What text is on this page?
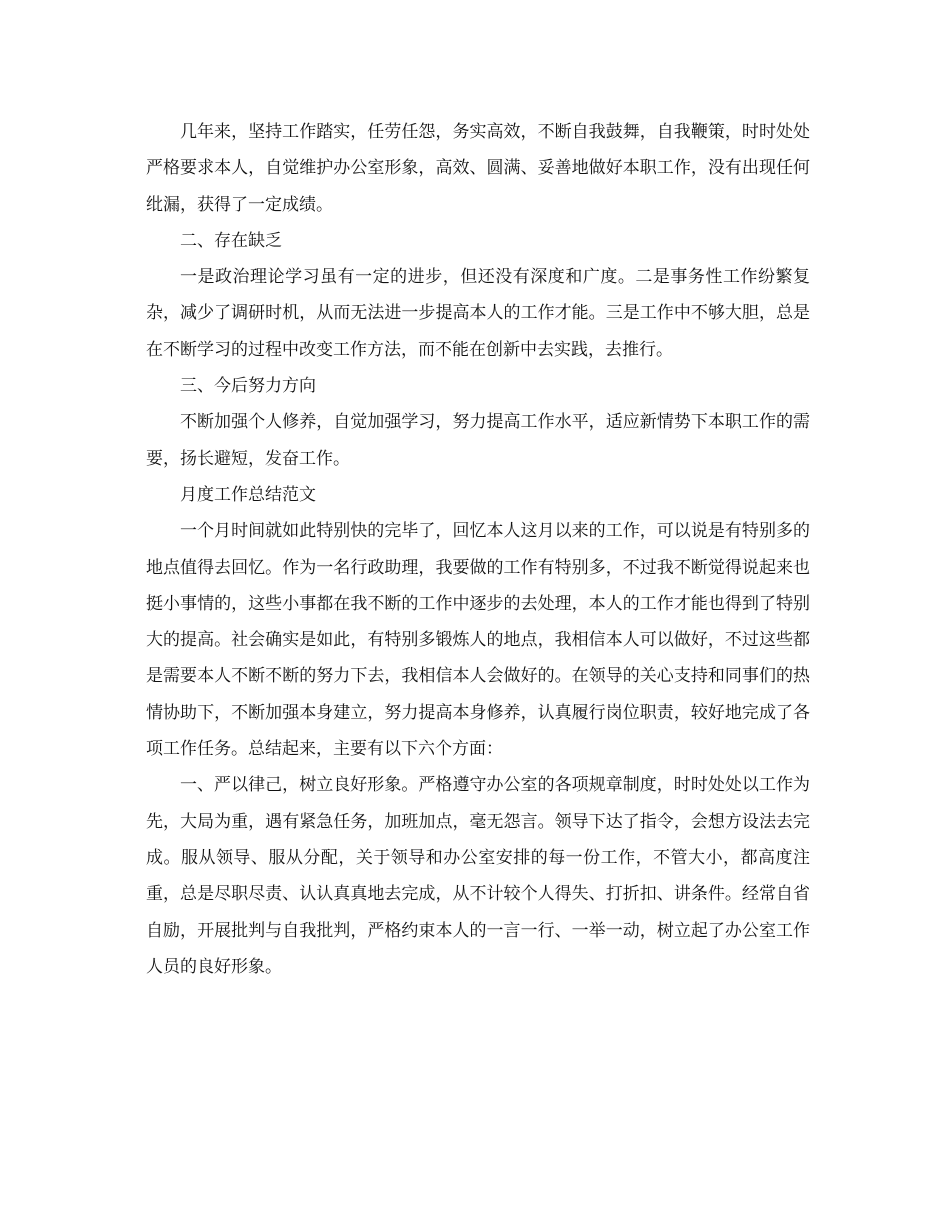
几年来，坚持工作踏实，任劳任怨，务实高效，不断自我鼓舞，自我鞭策，时时处处严格要求本人，自觉维护办公室形象，高效、圆满、妥善地做好本职工作，没有出现任何纰漏，获得了一定成绩。

二、存在缺乏

一是政治理论学习虽有一定的进步，但还没有深度和广度。二是事务性工作纷繁复杂，减少了调研时机，从而无法进一步提高本人的工作才能。三是工作中不够大胆，总是在不断学习的过程中改变工作方法，而不能在创新中去实践，去推行。

三、今后努力方向

不断加强个人修养，自觉加强学习，努力提高工作水平，适应新情势下本职工作的需要，扬长避短，发奋工作。

月度工作总结范文

一个月时间就如此特别快的完毕了，回忆本人这月以来的工作，可以说是有特别多的地点值得去回忆。作为一名行政助理，我要做的工作有特别多，不过我不断觉得说起来也挺小事情的，这些小事都在我不断的工作中逐步的去处理，本人的工作才能也得到了特别大的提高。社会确实是如此，有特别多锻炼人的地点，我相信本人可以做好，不过这些都是需要本人不断不断的努力下去，我相信本人会做好的。在领导的关心支持和同事们的热情协助下，不断加强本身建立，努力提高本身修养，认真履行岗位职责，较好地完成了各项工作任务。总结起来，主要有以下六个方面：

一、严以律己，树立良好形象。严格遵守办公室的各项规章制度，时时处处以工作为先，大局为重，遇有紧急任务，加班加点，毫无怨言。领导下达了指令，会想方设法去完成。服从领导、服从分配，关于领导和办公室安排的每一份工作，不管大小，都高度注重，总是尽职尽责、认认真真地去完成，从不计较个人得失、打折扣、讲条件。经常自省自励，开展批判与自我批判，严格约束本人的一言一行、一举一动，树立起了办公室工作人员的良好形象。
